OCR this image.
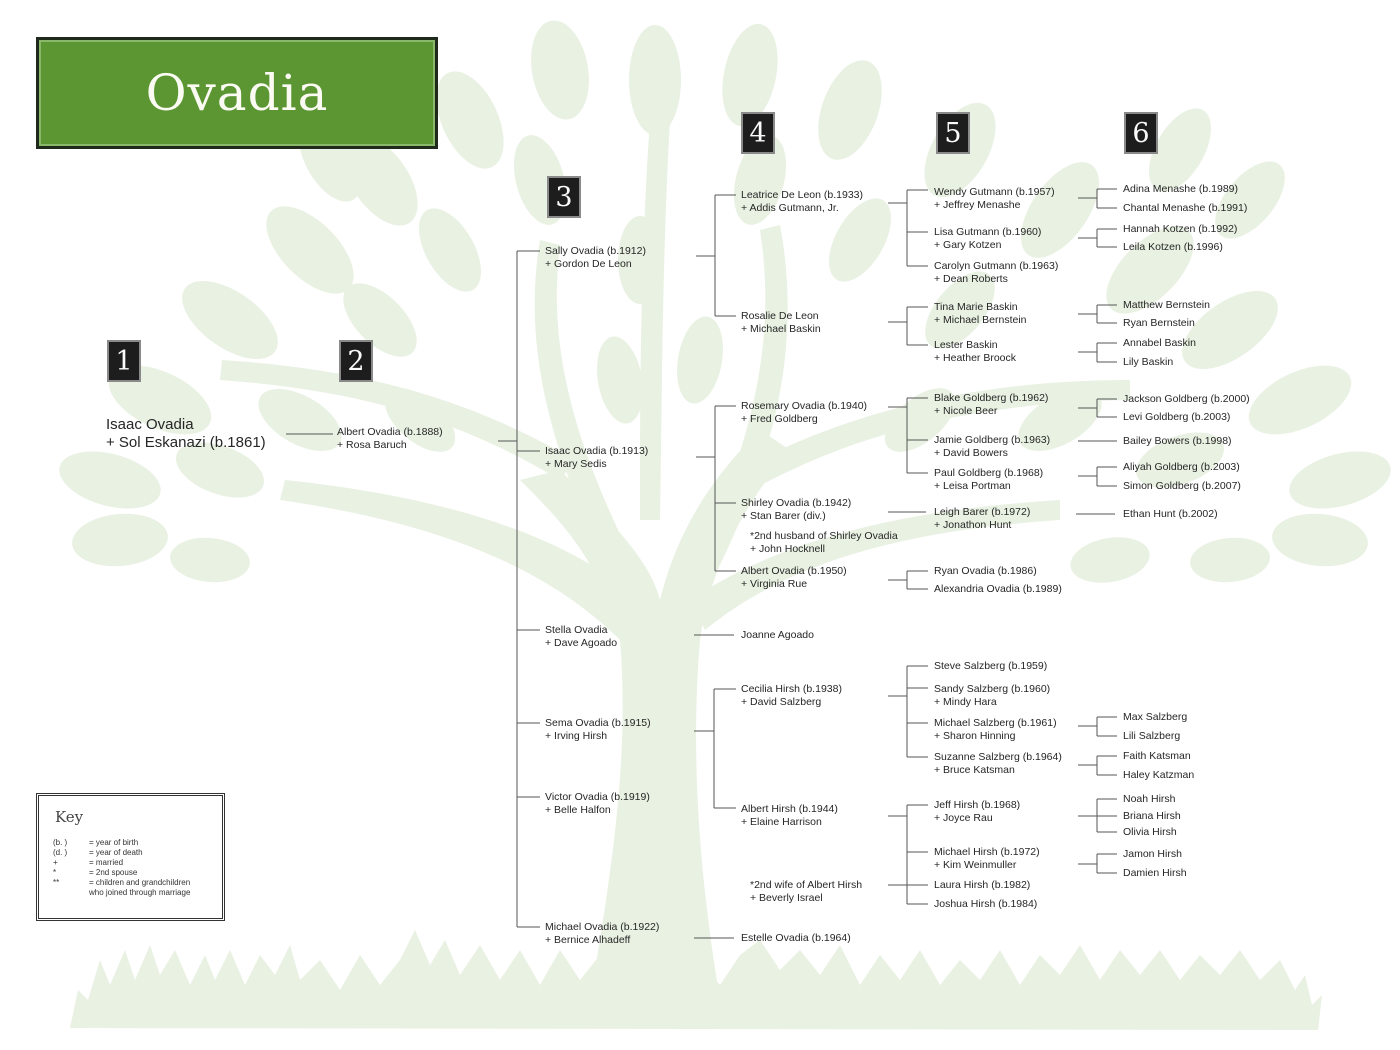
Ovadia
1	2
3
4	5	6
Isaac Ovadia
+ Sol Eskanazi (b.1861)
Albert Ovadia (b.1888)
+ Rosa Baruch
Sally Ovadia (b.1912)
+ Gordon De Leon
Isaac Ovadia (b.1913)
+ Mary Sedis
Stella Ovadia
+ Dave Agoado
Sema Ovadia (b.1915)
+ Irving Hirsh
Victor Ovadia (b.1919)
+ Belle Halfon
Michael Ovadia (b.1922)
+ Bernice Alhadeff
Leatrice De Leon (b.1933)
+ Addis Gutmann, Jr.
Rosalie De Leon
+ Michael Baskin
Rosemary Ovadia (b.1940)
+ Fred Goldberg
Shirley Ovadia (b.1942)
+ Stan Barer (div.)
*2nd husband of Shirley Ovadia
+ John Hocknell
Albert Ovadia (b.1950)
+ Virginia Rue
Joanne Agoado
Cecilia Hirsh (b.1938)
+ David Salzberg
Albert Hirsh (b.1944)
+ Elaine Harrison
*2nd wife of Albert Hirsh
+ Beverly Israel
Estelle Ovadia (b.1964)
Wendy Gutmann (b.1957)
+ Jeffrey Menashe
Lisa Gutmann (b.1960)
+ Gary Kotzen
Carolyn Gutmann (b.1963)
+ Dean Roberts
Tina Marie Baskin
+ Michael Bernstein
Lester Baskin
+ Heather Broock
Blake Goldberg (b.1962)
+ Nicole Beer
Jamie Goldberg (b.1963)
+ David Bowers
Paul Goldberg (b.1968)
+ Leisa Portman
Leigh Barer (b.1972)
+ Jonathon Hunt
Ryan Ovadia (b.1986)
Alexandria Ovadia (b.1989)
Steve Salzberg (b.1959)
Sandy Salzberg (b.1960)
+ Mindy Hara
Michael Salzberg (b.1961)
+ Sharon Hinning
Suzanne Salzberg (b.1964)
+ Bruce Katsman
Jeff Hirsh (b.1968)
+ Joyce Rau
Michael Hirsh (b.1972)
+ Kim Weinmuller
Laura Hirsh (b.1982)
Joshua Hirsh (b.1984)
Adina Menashe (b.1989)
Chantal Menashe (b.1991)
Hannah Kotzen (b.1992)
Leila Kotzen (b.1996)
Matthew Bernstein
Ryan Bernstein
Annabel Baskin
Lily Baskin
Jackson Goldberg (b.2000)
Levi Goldberg (b.2003)
Bailey Bowers (b.1998)
Aliyah Goldberg (b.2003)
Simon Goldberg (b.2007)
Ethan Hunt (b.2002)
Max Salzberg
Lili Salzberg
Faith Katsman
Haley Katzman
Noah Hirsh
Briana Hirsh
Olivia Hirsh
Jamon Hirsh
Damien Hirsh
Key
(b. )	= year of birth
(d. )	= year of death
+	= married
*	= 2nd spouse
**	= children and grandchildren
who joined through marriage
